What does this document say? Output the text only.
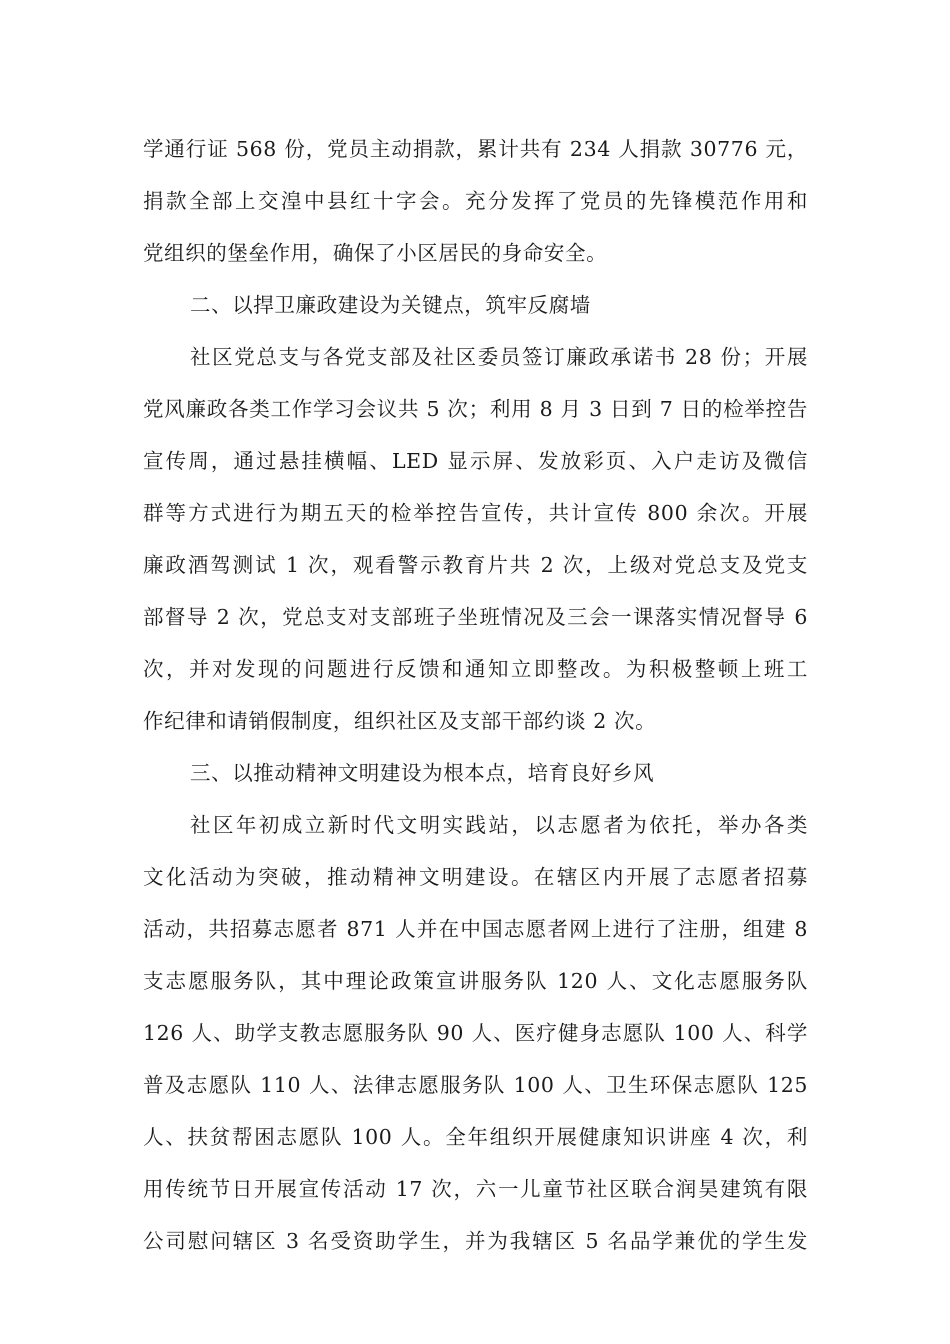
学通行证 568 份，党员主动捐款，累计共有 234 人捐款 30776 元，
捐款全部上交湟中县红十字会。充分发挥了党员的先锋模范作用和
党组织的堡垒作用，确保了小区居民的身命安全。
二、以捍卫廉政建设为关键点，筑牢反腐墙
社区党总支与各党支部及社区委员签订廉政承诺书 28 份；开展
党风廉政各类工作学习会议共 5 次；利用 8 月 3 日到 7 日的检举控告
宣传周，通过悬挂横幅、LED 显示屏、发放彩页、入户走访及微信
群等方式进行为期五天的检举控告宣传，共计宣传 800 余次。开展
廉政酒驾测试 1 次，观看警示教育片共 2 次，上级对党总支及党支
部督导 2 次，党总支对支部班子坐班情况及三会一课落实情况督导 6
次，并对发现的问题进行反馈和通知立即整改。为积极整顿上班工
作纪律和请销假制度，组织社区及支部干部约谈 2 次。
三、以推动精神文明建设为根本点，培育良好乡风
社区年初成立新时代文明实践站，以志愿者为依托，举办各类
文化活动为突破，推动精神文明建设。在辖区内开展了志愿者招募
活动，共招募志愿者 871 人并在中国志愿者网上进行了注册，组建 8
支志愿服务队，其中理论政策宣讲服务队 120 人、文化志愿服务队
126 人、助学支教志愿服务队 90 人、医疗健身志愿队 100 人、科学
普及志愿队 110 人、法律志愿服务队 100 人、卫生环保志愿队 125
人、扶贫帮困志愿队 100 人。全年组织开展健康知识讲座 4 次，利
用传统节日开展宣传活动 17 次，六一儿童节社区联合润昊建筑有限
公司慰问辖区 3 名受资助学生，并为我辖区 5 名品学兼优的学生发
